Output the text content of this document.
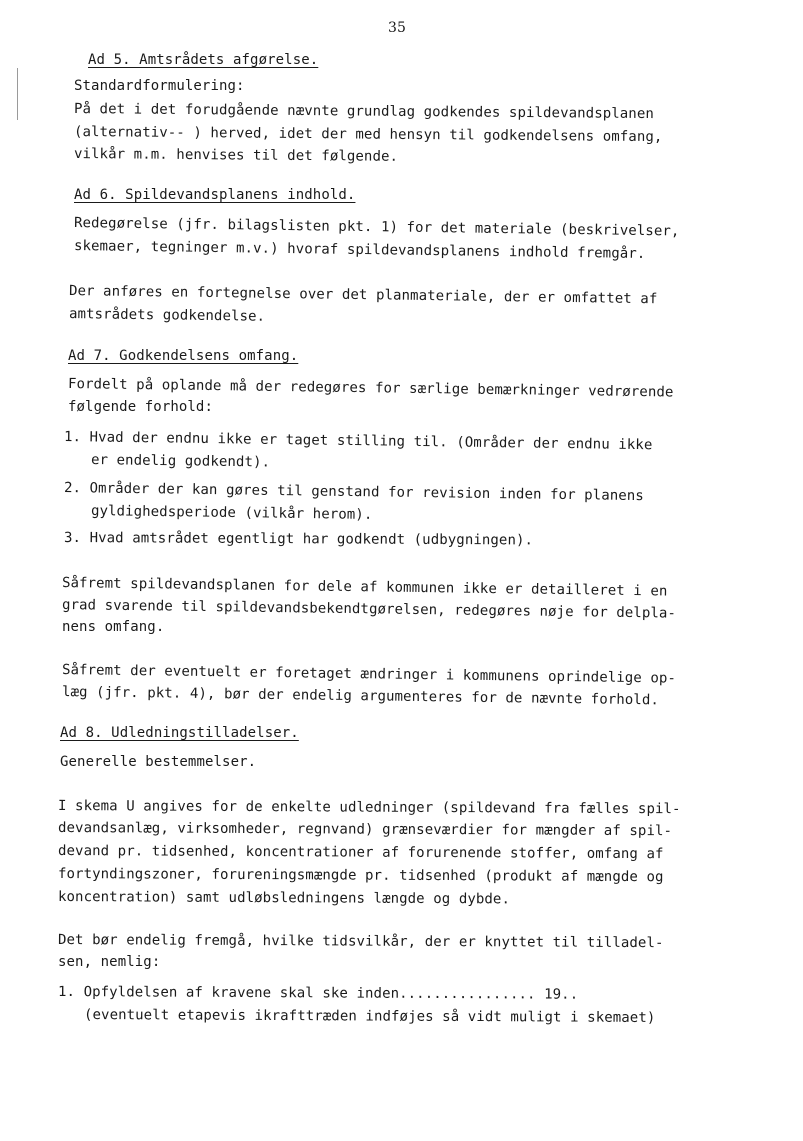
35
Ad 5. Amtsrådets afgørelse.
Standardformulering:
På det i det forudgående nævnte grundlag godkendes spildevandsplanen
(alternativ-- ) herved, idet der med hensyn til godkendelsens omfang,
vilkår m.m. henvises til det følgende.
Ad 6. Spildevandsplanens indhold.
Redegørelse (jfr. bilagslisten pkt. 1) for det materiale (beskrivelser,
skemaer, tegninger m.v.) hvoraf spildevandsplanens indhold fremgår.
Der anføres en fortegnelse over det planmateriale, der er omfattet af
amtsrådets godkendelse.
Ad 7. Godkendelsens omfang.
Fordelt på oplande må der redegøres for særlige bemærkninger vedrørende
følgende forhold:
1. Hvad der endnu ikke er taget stilling til. (Områder der endnu ikke
er endelig godkendt).
2. Områder der kan gøres til genstand for revision inden for planens
gyldighedsperiode (vilkår herom).
3. Hvad amtsrådet egentligt har godkendt (udbygningen).
Såfremt spildevandsplanen for dele af kommunen ikke er detailleret i en
grad svarende til spildevandsbekendtgørelsen, redegøres nøje for delpla-
nens omfang.
Såfremt der eventuelt er foretaget ændringer i kommunens oprindelige op-
læg (jfr. pkt. 4), bør der endelig argumenteres for de nævnte forhold.
Ad 8. Udledningstilladelser.
Generelle bestemmelser.
I skema U angives for de enkelte udledninger (spildevand fra fælles spil-
devandsanlæg, virksomheder, regnvand) grænseværdier for mængder af spil-
devand pr. tidsenhed, koncentrationer af forurenende stoffer, omfang af
fortyndingszoner, forureningsmængde pr. tidsenhed (produkt af mængde og
koncentration) samt udløbsledningens længde og dybde.
Det bør endelig fremgå, hvilke tidsvilkår, der er knyttet til tilladel-
sen, nemlig:
1. Opfyldelsen af kravene skal ske inden................ 19..
(eventuelt etapevis ikrafttræden indføjes så vidt muligt i skemaet)
